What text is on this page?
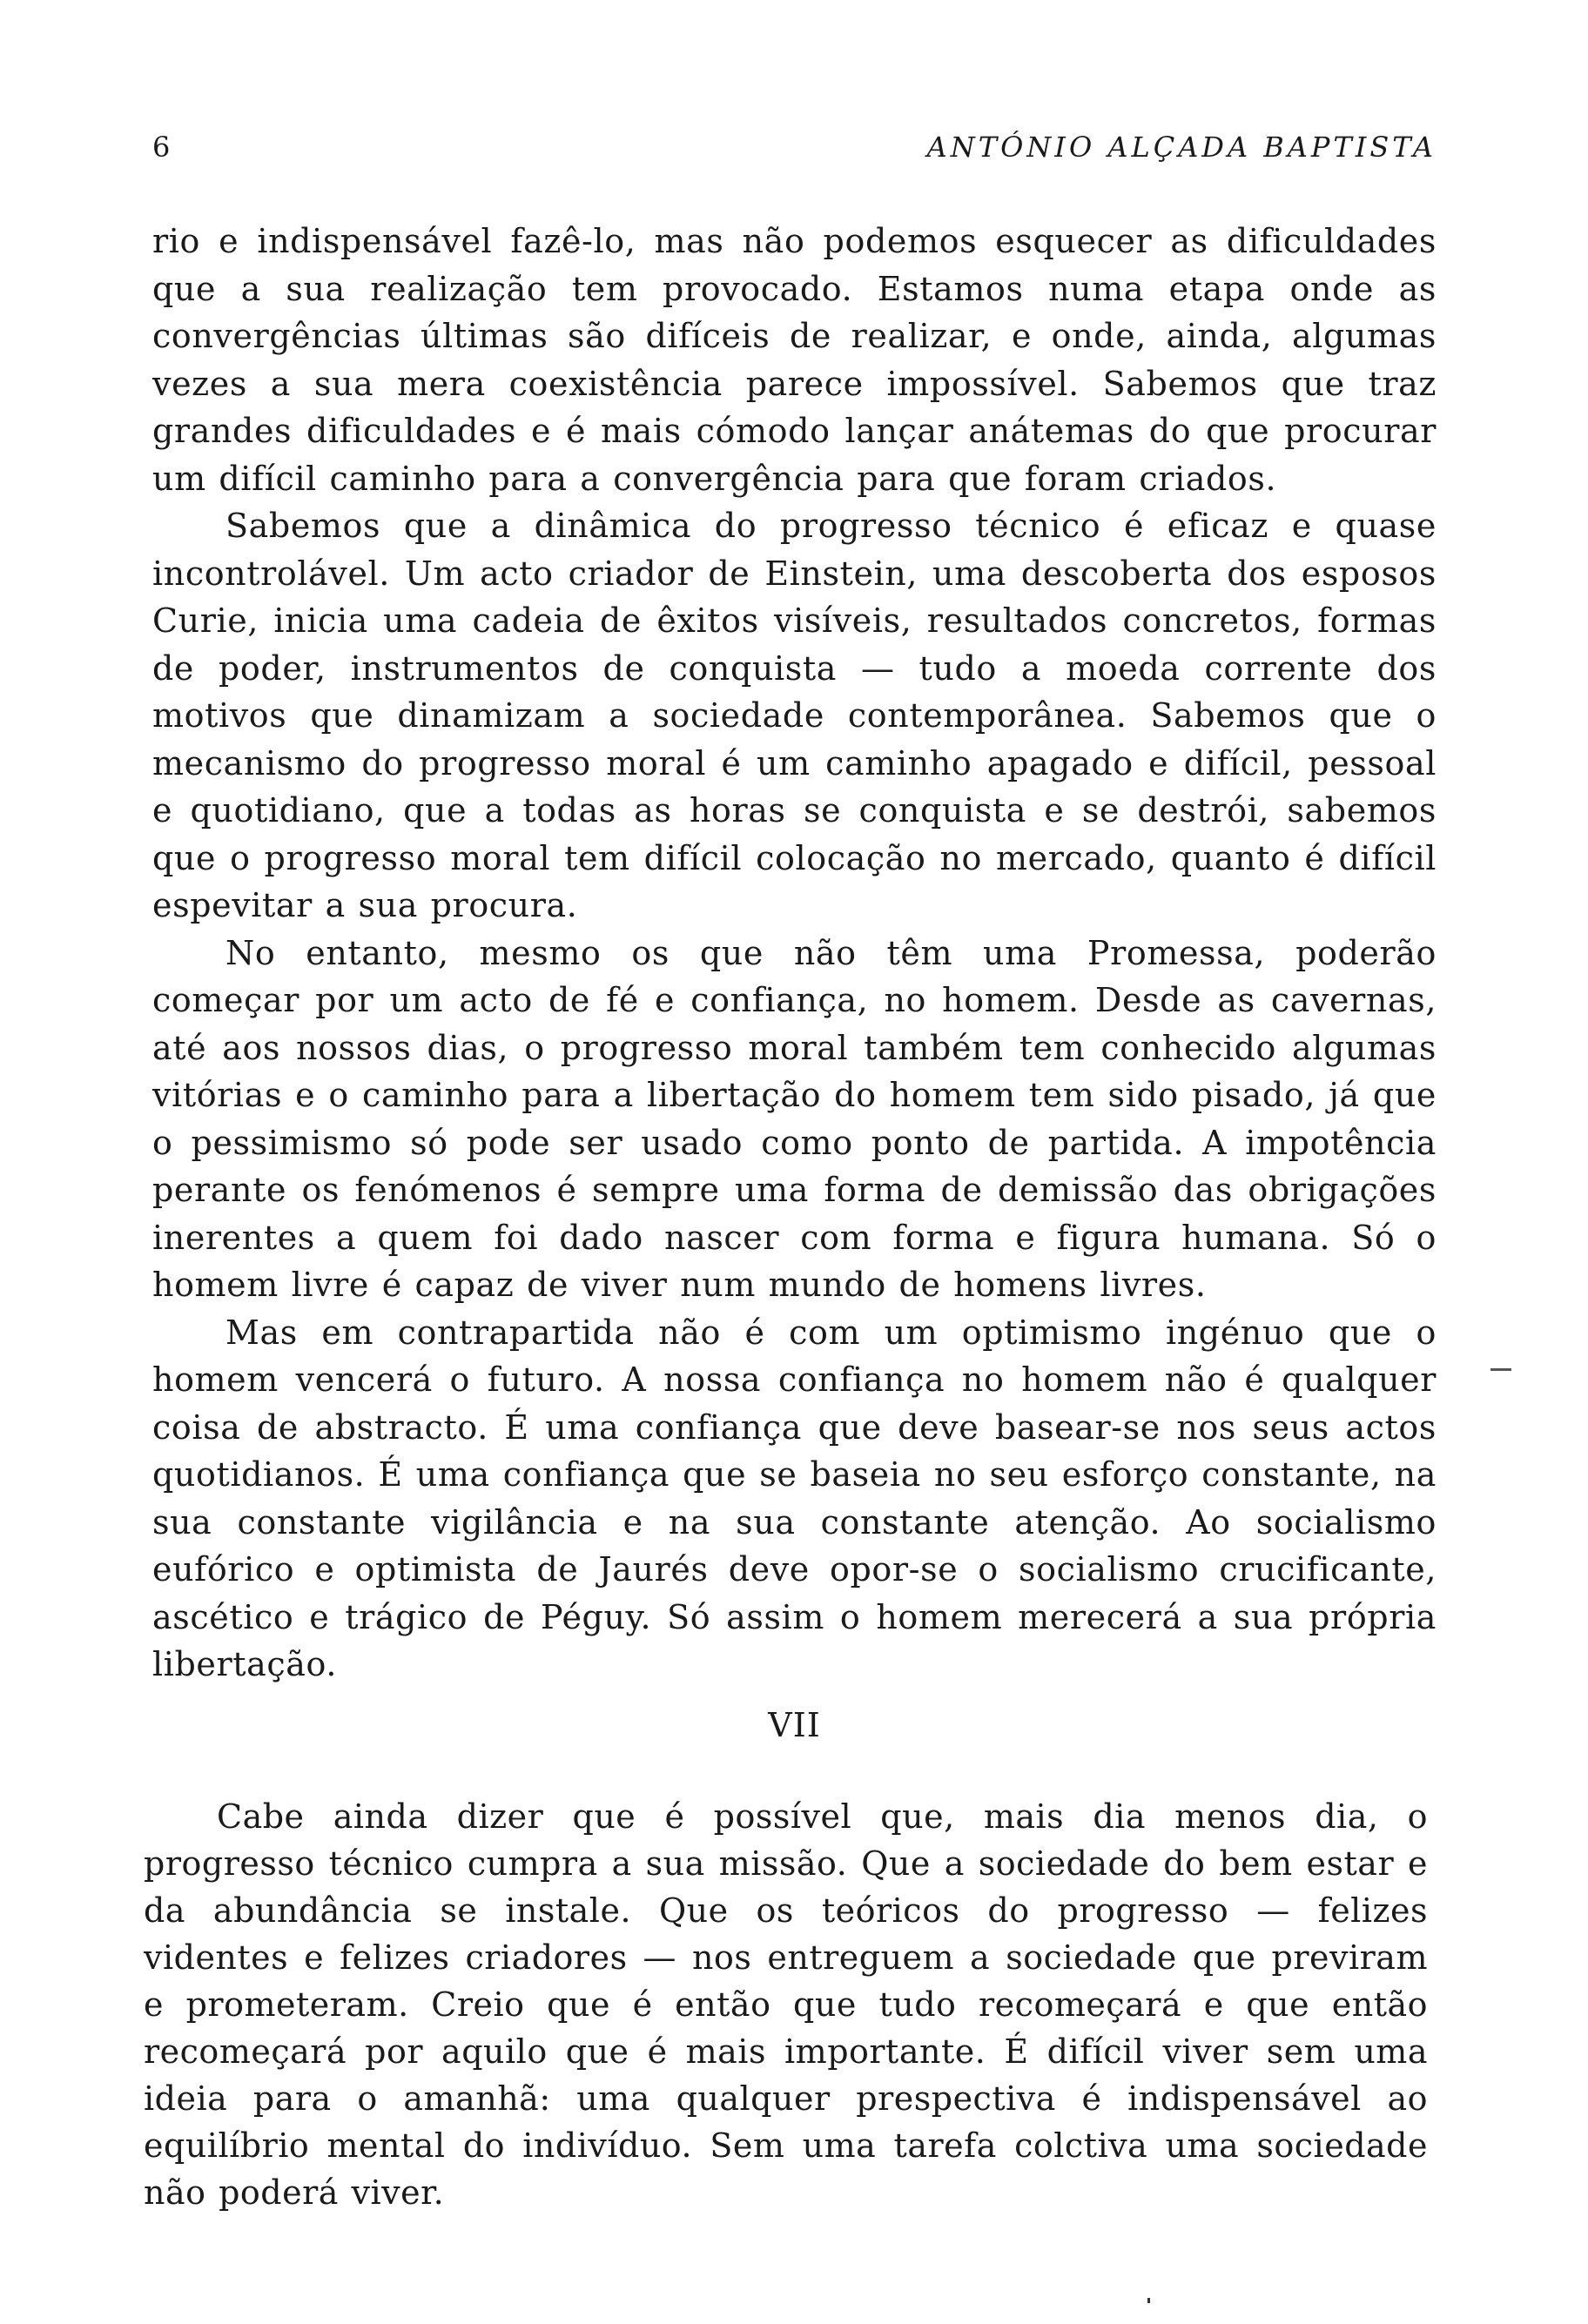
6	ANTÓNIO ALÇADA BAPTISTA

rio e indispensável fazê-lo, mas não podemos esquecer as dificuldades que a sua realização tem provocado. Estamos numa etapa onde as convergências últimas são difíceis de realizar, e onde, ainda, algumas vezes a sua mera coexistência parece impossível. Sabemos que traz grandes dificuldades e é mais cómodo lançar anátemas do que procurar um difícil caminho para a convergência para que foram criados.

Sabemos que a dinâmica do progresso técnico é eficaz e quase incontrolável. Um acto criador de Einstein, uma descoberta dos esposos Curie, inicia uma cadeia de êxitos visíveis, resultados concretos, formas de poder, instrumentos de conquista — tudo a moeda corrente dos motivos que dinamizam a sociedade contemporânea. Sabemos que o mecanismo do progresso moral é um caminho apagado e difícil, pessoal e quotidiano, que a todas as horas se conquista e se destrói, sabemos que o progresso moral tem difícil colocação no mercado, quanto é difícil espevitar a sua procura.

No entanto, mesmo os que não têm uma Promessa, poderão começar por um acto de fé e confiança, no homem. Desde as cavernas, até aos nossos dias, o progresso moral também tem conhecido algumas vitórias e o caminho para a libertação do homem tem sido pisado, já que o pessimismo só pode ser usado como ponto de partida. A impotência perante os fenómenos é sempre uma forma de demissão das obrigações inerentes a quem foi dado nascer com forma e figura humana. Só o homem livre é capaz de viver num mundo de homens livres.

Mas em contrapartida não é com um optimismo ingénuo que o homem vencerá o futuro. A nossa confiança no homem não é qualquer coisa de abstracto. É uma confiança que deve basear-se nos seus actos quotidianos. É uma confiança que se baseia no seu esforço constante, na sua constante vigilância e na sua constante atenção. Ao socialismo eufórico e optimista de Jaurés deve opor-se o socialismo crucificante, ascético e trágico de Péguy. Só assim o homem merecerá a sua própria libertação.

VII

Cabe ainda dizer que é possível que, mais dia menos dia, o progresso técnico cumpra a sua missão. Que a sociedade do bem estar e da abundância se instale. Que os teóricos do progresso — felizes videntes e felizes criadores — nos entreguem a sociedade que previram e prometeram. Creio que é então que tudo recomeçará e que então recomeçará por aquilo que é mais importante. É difícil viver sem uma ideia para o amanhã: uma qualquer prespectiva é indispensável ao equilíbrio mental do indivíduo. Sem uma tarefa colctiva uma sociedade não poderá viver.
